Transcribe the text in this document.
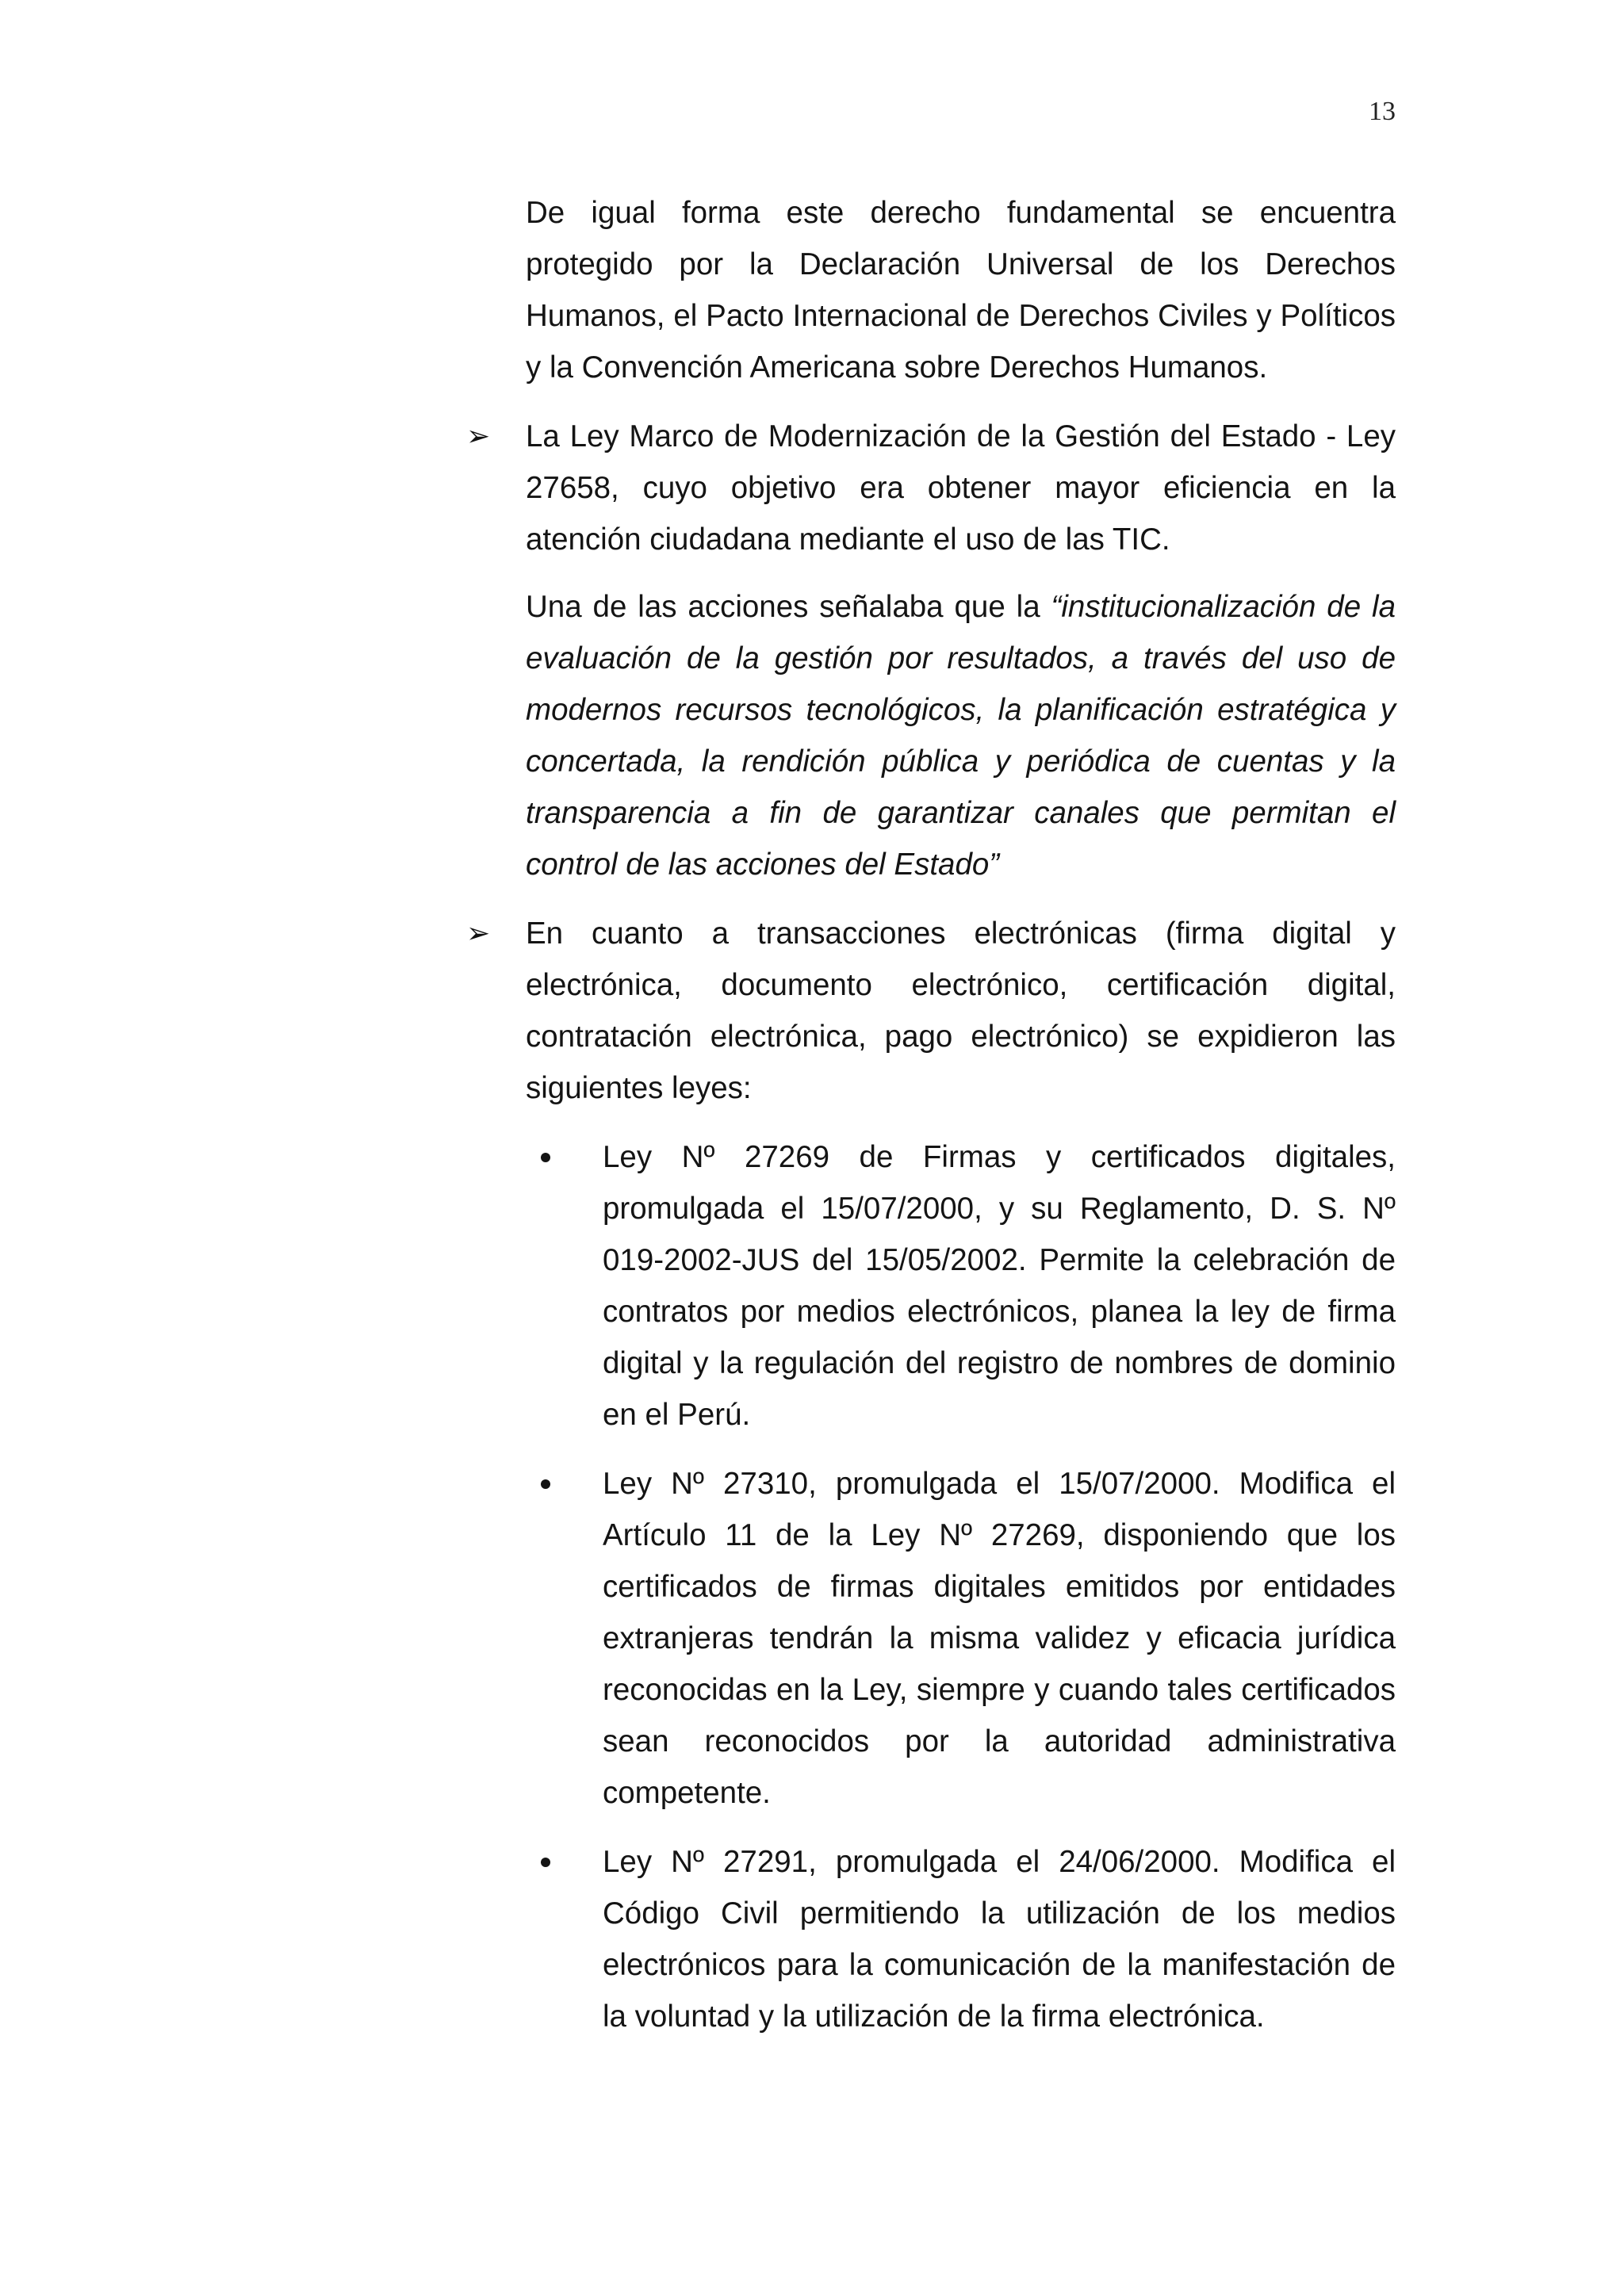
13

De igual forma este derecho fundamental se encuentra protegido por la Declaración Universal de los Derechos Humanos, el Pacto Internacional de Derechos Civiles y Políticos y la Convención Americana sobre Derechos Humanos.

➢ La Ley Marco de Modernización de la Gestión del Estado - Ley 27658, cuyo objetivo era obtener mayor eficiencia en la atención ciudadana mediante el uso de las TIC.

Una de las acciones señalaba que la “institucionalización de la evaluación de la gestión por resultados, a través del uso de modernos recursos tecnológicos, la planificación estratégica y concertada, la rendición pública y periódica de cuentas y la transparencia a fin de garantizar canales que permitan el control de las acciones del Estado”

➢ En cuanto a transacciones electrónicas (firma digital y electrónica, documento electrónico, certificación digital, contratación electrónica, pago electrónico) se expidieron las siguientes leyes:

Ley Nº 27269 de Firmas y certificados digitales, promulgada el 15/07/2000, y su Reglamento, D. S. Nº 019-2002-JUS del 15/05/2002. Permite la celebración de contratos por medios electrónicos, planea la ley de firma digital y la regulación del registro de nombres de dominio en el Perú.

Ley Nº 27310, promulgada el 15/07/2000. Modifica el Artículo 11 de la Ley Nº 27269, disponiendo que los certificados de firmas digitales emitidos por entidades extranjeras tendrán la misma validez y eficacia jurídica reconocidas en la Ley, siempre y cuando tales certificados sean reconocidos por la autoridad administrativa competente.

Ley Nº 27291, promulgada el 24/06/2000. Modifica el Código Civil permitiendo la utilización de los medios electrónicos para la comunicación de la manifestación de la voluntad y la utilización de la firma electrónica.
